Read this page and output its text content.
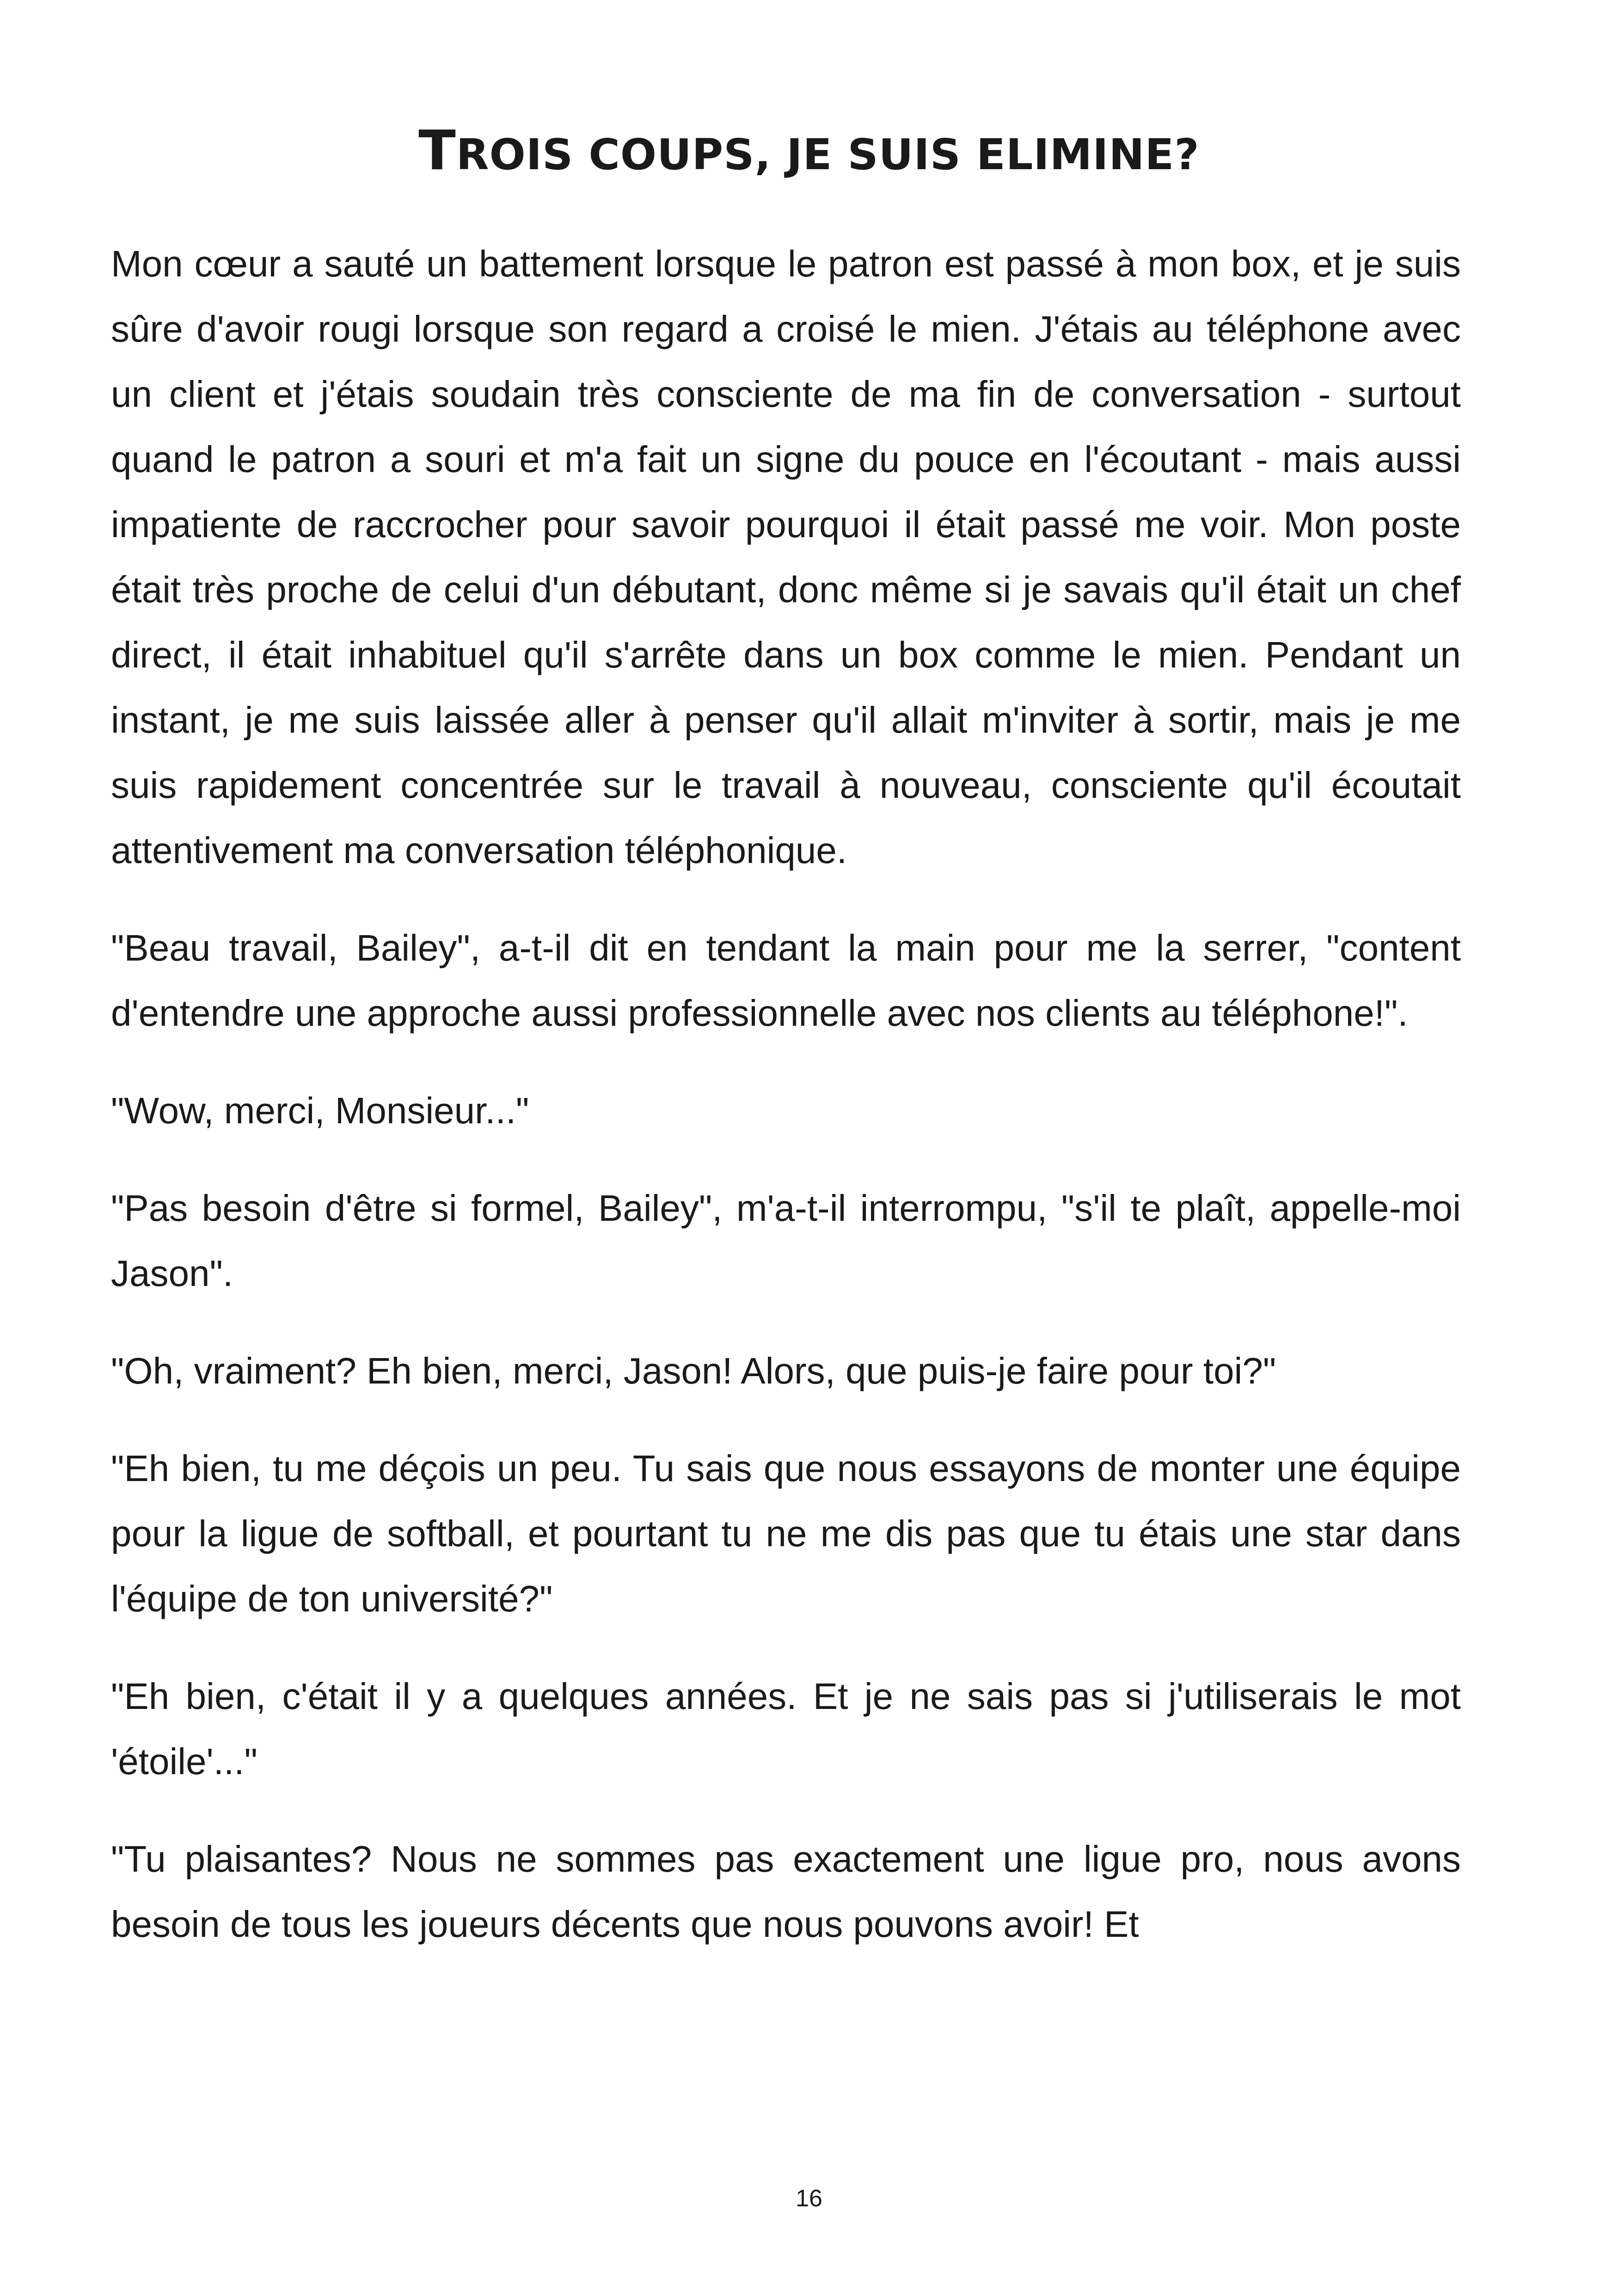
TROIS COUPS, JE SUIS ELIMINE?

Mon cœur a sauté un battement lorsque le patron est passé à mon box, et je suis sûre d'avoir rougi lorsque son regard a croisé le mien. J'étais au téléphone avec un client et j'étais soudain très consciente de ma fin de conversation - surtout quand le patron a souri et m'a fait un signe du pouce en l'écoutant - mais aussi impatiente de raccrocher pour savoir pourquoi il était passé me voir. Mon poste était très proche de celui d'un débutant, donc même si je savais qu'il était un chef direct, il était inhabituel qu'il s'arrête dans un box comme le mien. Pendant un instant, je me suis laissée aller à penser qu'il allait m'inviter à sortir, mais je me suis rapidement concentrée sur le travail à nouveau, consciente qu'il écoutait attentivement ma conversation téléphonique.

"Beau travail, Bailey", a-t-il dit en tendant la main pour me la serrer, "content d'entendre une approche aussi professionnelle avec nos clients au téléphone!".

"Wow, merci, Monsieur..."

"Pas besoin d'être si formel, Bailey", m'a-t-il interrompu, "s'il te plaît, appelle-moi Jason".

"Oh, vraiment? Eh bien, merci, Jason! Alors, que puis-je faire pour toi?"

"Eh bien, tu me déçois un peu. Tu sais que nous essayons de monter une équipe pour la ligue de softball, et pourtant tu ne me dis pas que tu étais une star dans l'équipe de ton université?"

"Eh bien, c'était il y a quelques années. Et je ne sais pas si j'utiliserais le mot 'étoile'..."

"Tu plaisantes? Nous ne sommes pas exactement une ligue pro, nous avons besoin de tous les joueurs décents que nous pouvons avoir! Et

16
